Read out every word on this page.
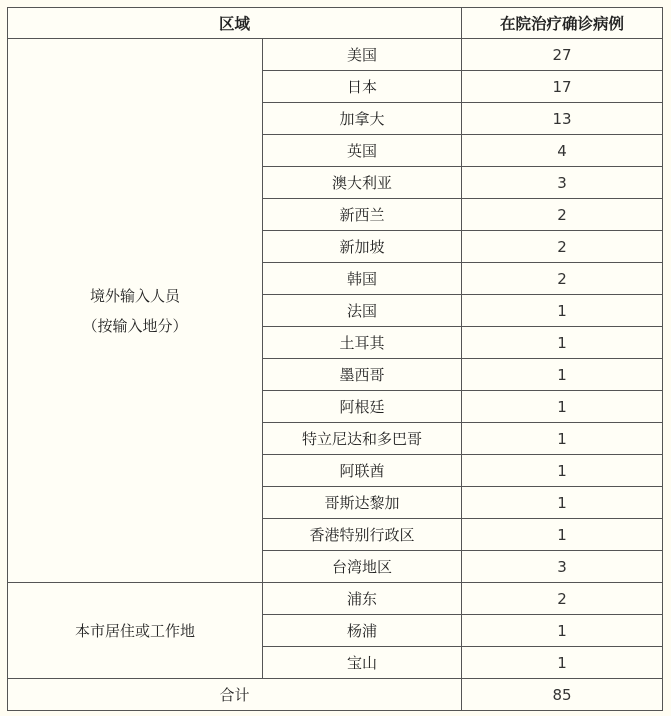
区域		在院治疗确诊病例

境外输入人员
（按输入地分）	美国	27
	日本	17
	加拿大	13
	英国	4
	澳大利亚	3
	新西兰	2
	新加坡	2
	韩国	2
	法国	1
	土耳其	1
	墨西哥	1
	阿根廷	1
	特立尼达和多巴哥	1
	阿联酋	1
	哥斯达黎加	1
	香港特别行政区	1
	台湾地区	3

本市居住或工作地	浦东	2
	杨浦	1
	宝山	1
合计		85
